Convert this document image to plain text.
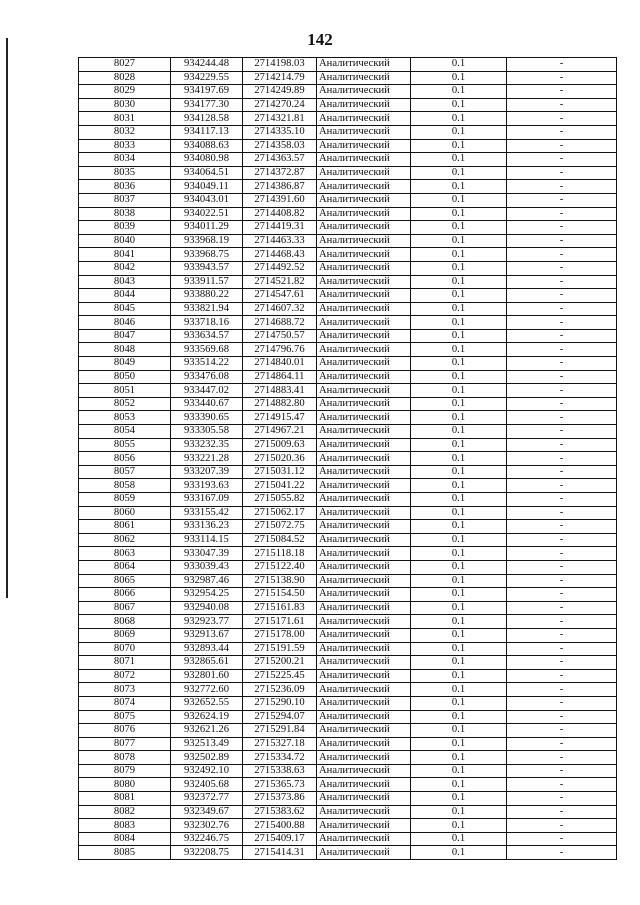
142
8027	934244.48	2714198.03	Аналитический	0.1	-
8028	934229.55	2714214.79	Аналитический	0.1	-
8029	934197.69	2714249.89	Аналитический	0.1	-
8030	934177.30	2714270.24	Аналитический	0.1	-
8031	934128.58	2714321.81	Аналитический	0.1	-
8032	934117.13	2714335.10	Аналитический	0.1	-
8033	934088.63	2714358.03	Аналитический	0.1	-
8034	934080.98	2714363.57	Аналитический	0.1	-
8035	934064.51	2714372.87	Аналитический	0.1	-
8036	934049.11	2714386.87	Аналитический	0.1	-
8037	934043.01	2714391.60	Аналитический	0.1	-
8038	934022.51	2714408.82	Аналитический	0.1	-
8039	934011.29	2714419.31	Аналитический	0.1	-
8040	933968.19	2714463.33	Аналитический	0.1	-
8041	933968.75	2714468.43	Аналитический	0.1	-
8042	933943.57	2714492.52	Аналитический	0.1	-
8043	933911.57	2714521.82	Аналитический	0.1	-
8044	933880.22	2714547.61	Аналитический	0.1	-
8045	933821.94	2714607.32	Аналитический	0.1	-
8046	933718.16	2714688.72	Аналитический	0.1	-
8047	933634.57	2714750.57	Аналитический	0.1	-
8048	933569.68	2714796.76	Аналитический	0.1	-
8049	933514.22	2714840.01	Аналитический	0.1	-
8050	933476.08	2714864.11	Аналитический	0.1	-
8051	933447.02	2714883.41	Аналитический	0.1	-
8052	933440.67	2714882.80	Аналитический	0.1	-
8053	933390.65	2714915.47	Аналитический	0.1	-
8054	933305.58	2714967.21	Аналитический	0.1	-
8055	933232.35	2715009.63	Аналитический	0.1	-
8056	933221.28	2715020.36	Аналитический	0.1	-
8057	933207.39	2715031.12	Аналитический	0.1	-
8058	933193.63	2715041.22	Аналитический	0.1	-
8059	933167.09	2715055.82	Аналитический	0.1	-
8060	933155.42	2715062.17	Аналитический	0.1	-
8061	933136.23	2715072.75	Аналитический	0.1	-
8062	933114.15	2715084.52	Аналитический	0.1	-
8063	933047.39	2715118.18	Аналитический	0.1	-
8064	933039.43	2715122.40	Аналитический	0.1	-
8065	932987.46	2715138.90	Аналитический	0.1	-
8066	932954.25	2715154.50	Аналитический	0.1	-
8067	932940.08	2715161.83	Аналитический	0.1	-
8068	932923.77	2715171.61	Аналитический	0.1	-
8069	932913.67	2715178.00	Аналитический	0.1	-
8070	932893.44	2715191.59	Аналитический	0.1	-
8071	932865.61	2715200.21	Аналитический	0.1	-
8072	932801.60	2715225.45	Аналитический	0.1	-
8073	932772.60	2715236.09	Аналитический	0.1	-
8074	932652.55	2715290.10	Аналитический	0.1	-
8075	932624.19	2715294.07	Аналитический	0.1	-
8076	932621.26	2715291.84	Аналитический	0.1	-
8077	932513.49	2715327.18	Аналитический	0.1	-
8078	932502.89	2715334.72	Аналитический	0.1	-
8079	932492.10	2715338.63	Аналитический	0.1	-
8080	932405.68	2715365.73	Аналитический	0.1	-
8081	932372.77	2715373.86	Аналитический	0.1	-
8082	932349.67	2715383.62	Аналитический	0.1	-
8083	932302.76	2715400.88	Аналитический	0.1	-
8084	932246.75	2715409.17	Аналитический	0.1	-
8085	932208.75	2715414.31	Аналитический	0.1	-
